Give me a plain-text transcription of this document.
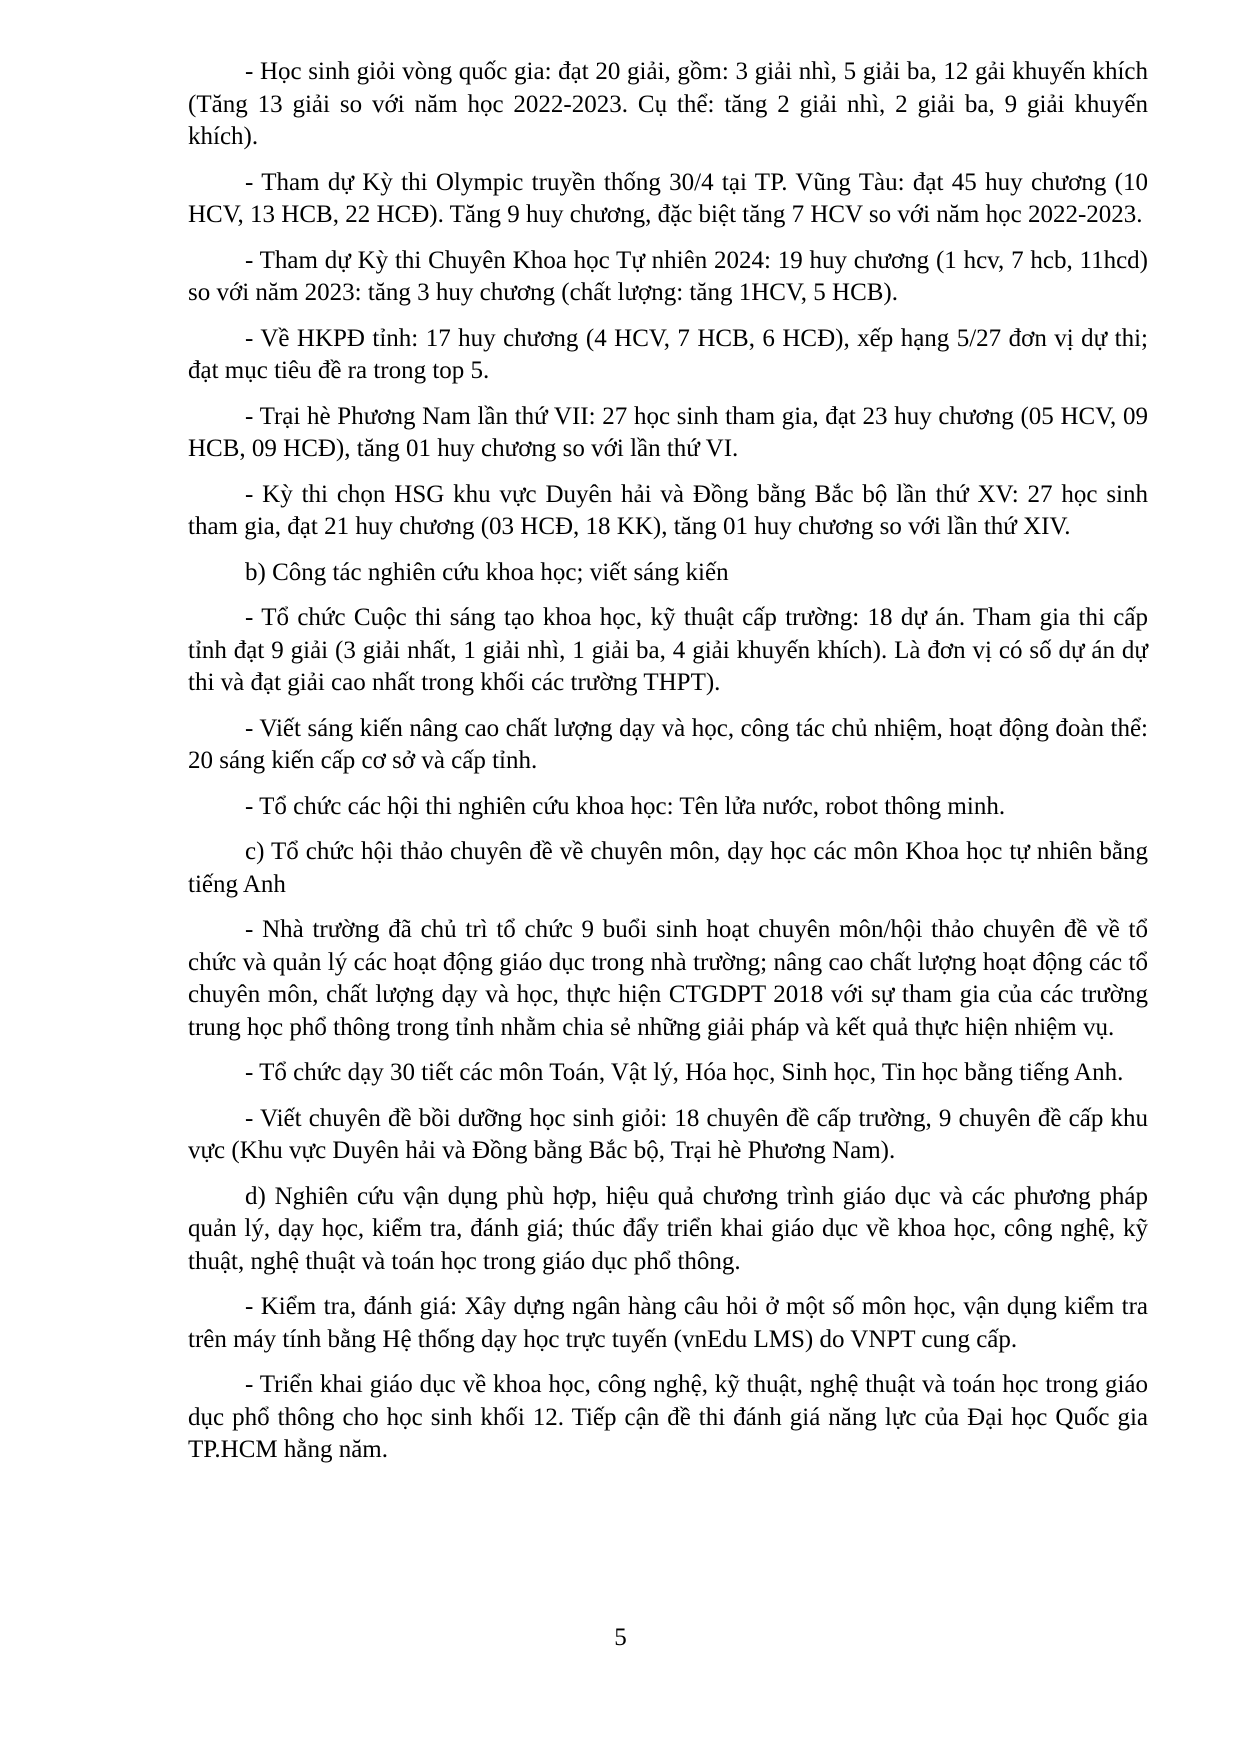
- Học sinh giỏi vòng quốc gia: đạt 20 giải, gồm: 3 giải nhì, 5 giải ba, 12 gải khuyến khích (Tăng 13 giải so với năm học 2022-2023. Cụ thể: tăng 2 giải nhì, 2 giải ba, 9 giải khuyến khích).

- Tham dự Kỳ thi Olympic truyền thống 30/4 tại TP. Vũng Tàu: đạt 45 huy chương (10 HCV, 13 HCB, 22 HCĐ). Tăng 9 huy chương, đặc biệt tăng 7 HCV so với năm học 2022-2023.

- Tham dự Kỳ thi Chuyên Khoa học Tự nhiên 2024: 19 huy chương (1 hcv, 7 hcb, 11hcd) so với năm 2023: tăng 3 huy chương (chất lượng: tăng 1HCV, 5 HCB).

- Về HKPĐ tỉnh: 17 huy chương (4 HCV, 7 HCB, 6 HCĐ), xếp hạng 5/27 đơn vị dự thi; đạt mục tiêu đề ra trong top 5.

- Trại hè Phương Nam lần thứ VII: 27 học sinh tham gia, đạt 23 huy chương (05 HCV, 09 HCB, 09 HCĐ), tăng 01 huy chương so với lần thứ VI.

- Kỳ thi chọn HSG khu vực Duyên hải và Đồng bằng Bắc bộ lần thứ XV: 27 học sinh tham gia, đạt 21 huy chương (03 HCĐ, 18 KK), tăng 01 huy chương so với lần thứ XIV.

b) Công tác nghiên cứu khoa học; viết sáng kiến

- Tổ chức Cuộc thi sáng tạo khoa học, kỹ thuật cấp trường: 18 dự án. Tham gia thi cấp tỉnh đạt 9 giải (3 giải nhất, 1 giải nhì, 1 giải ba, 4 giải khuyến khích). Là đơn vị có số dự án dự thi và đạt giải cao nhất trong khối các trường THPT).

- Viết sáng kiến nâng cao chất lượng dạy và học, công tác chủ nhiệm, hoạt động đoàn thể: 20 sáng kiến cấp cơ sở và cấp tỉnh.

- Tổ chức các hội thi nghiên cứu khoa học: Tên lửa nước, robot thông minh.

c) Tổ chức hội thảo chuyên đề về chuyên môn, dạy học các môn Khoa học tự nhiên bằng tiếng Anh

- Nhà trường đã chủ trì tổ chức 9 buổi sinh hoạt chuyên môn/hội thảo chuyên đề về tổ chức và quản lý các hoạt động giáo dục trong nhà trường; nâng cao chất lượng hoạt động các tổ chuyên môn, chất lượng dạy và học, thực hiện CTGDPT 2018 với sự tham gia của các trường trung học phổ thông trong tỉnh nhằm chia sẻ những giải pháp và kết quả thực hiện nhiệm vụ.

- Tổ chức dạy 30 tiết các môn Toán, Vật lý, Hóa học, Sinh học, Tin học bằng tiếng Anh.

- Viết chuyên đề bồi dưỡng học sinh giỏi: 18 chuyên đề cấp trường, 9 chuyên đề cấp khu vực (Khu vực Duyên hải và Đồng bằng Bắc bộ, Trại hè Phương Nam).

d) Nghiên cứu vận dụng phù hợp, hiệu quả chương trình giáo dục và các phương pháp quản lý, dạy học, kiểm tra, đánh giá; thúc đẩy triển khai giáo dục về khoa học, công nghệ, kỹ thuật, nghệ thuật và toán học trong giáo dục phổ thông.

- Kiểm tra, đánh giá: Xây dựng ngân hàng câu hỏi ở một số môn học, vận dụng kiểm tra trên máy tính bằng Hệ thống dạy học trực tuyến (vnEdu LMS) do VNPT cung cấp.

- Triển khai giáo dục về khoa học, công nghệ, kỹ thuật, nghệ thuật và toán học trong giáo dục phổ thông cho học sinh khối 12. Tiếp cận đề thi đánh giá năng lực của Đại học Quốc gia TP.HCM hằng năm.

5
